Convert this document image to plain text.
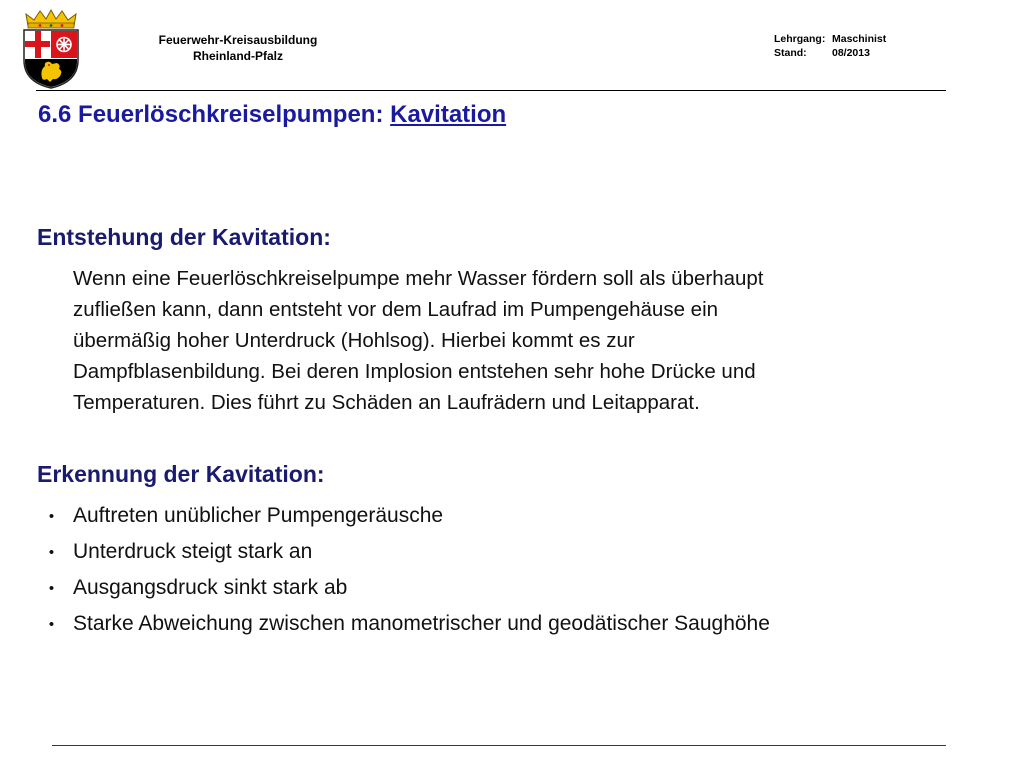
Feuerwehr-Kreisausbildung
Rheinland-Pfalz
Lehrgang: Maschinist
Stand:	08/2013
6.6 Feuerlöschkreiselpumpen: Kavitation
Entstehung der Kavitation:
Wenn eine Feuerlöschkreiselpumpe mehr Wasser fördern soll als überhaupt
zufließen kann, dann entsteht vor dem Laufrad im Pumpengehäuse ein
übermäßig hoher Unterdruck (Hohlsog). Hierbei kommt es zur
Dampfblasenbildung. Bei deren Implosion entstehen sehr hohe Drücke und
Temperaturen. Dies führt zu Schäden an Laufrädern und Leitapparat.
Erkennung der Kavitation:
• Auftreten unüblicher Pumpengeräusche
• Unterdruck steigt stark an
• Ausgangsdruck sinkt stark ab
• Starke Abweichung zwischen manometrischer und geodätischer Saughöhe
